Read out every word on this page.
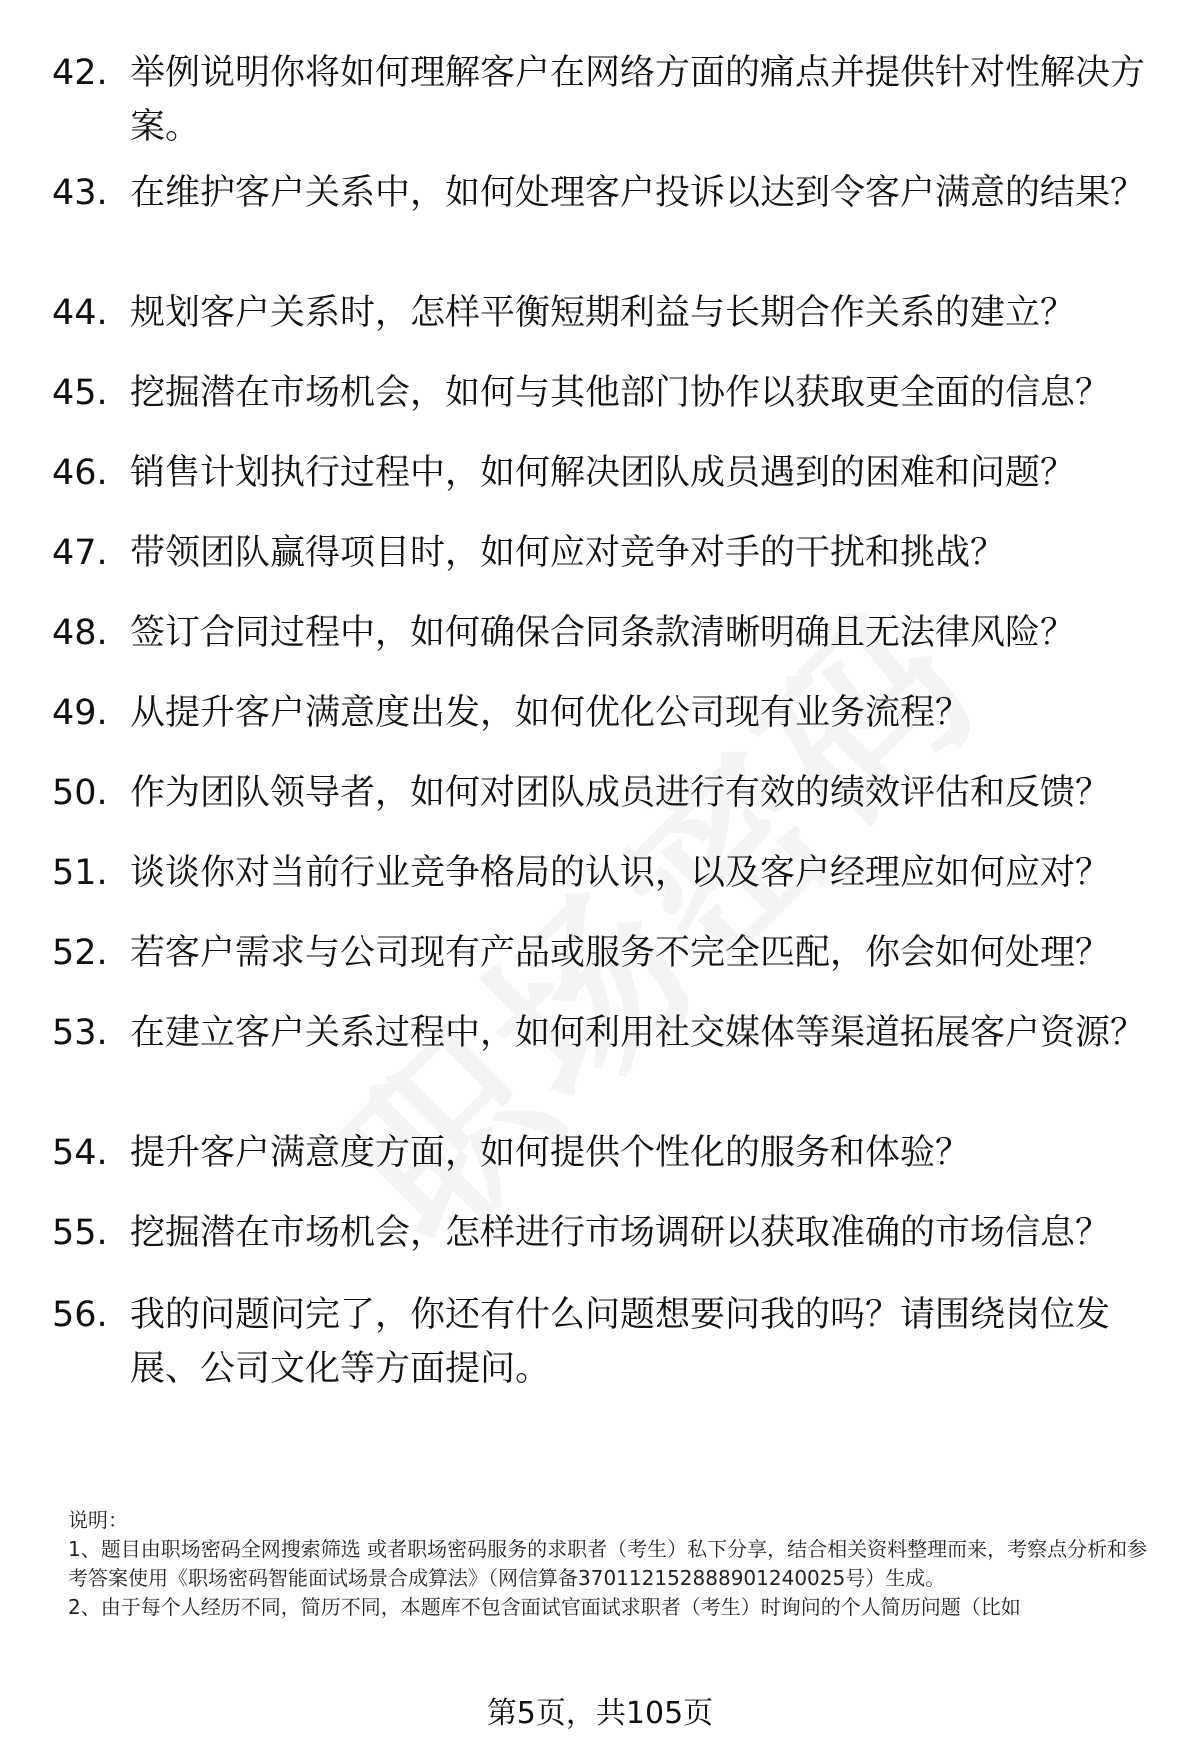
42. 举例说明你将如何理解客户在网络方面的痛点并提供针对性解决方案。
43. 在维护客户关系中，如何处理客户投诉以达到令客户满意的结果？
44. 规划客户关系时，怎样平衡短期利益与长期合作关系的建立？
45. 挖掘潜在市场机会，如何与其他部门协作以获取更全面的信息？
46. 销售计划执行过程中，如何解决团队成员遇到的困难和问题？
47. 带领团队赢得项目时，如何应对竞争对手的干扰和挑战？
48. 签订合同过程中，如何确保合同条款清晰明确且无法律风险？
49. 从提升客户满意度出发，如何优化公司现有业务流程？
50. 作为团队领导者，如何对团队成员进行有效的绩效评估和反馈？
51. 谈谈你对当前行业竞争格局的认识，以及客户经理应如何应对？
52. 若客户需求与公司现有产品或服务不完全匹配，你会如何处理？
53. 在建立客户关系过程中，如何利用社交媒体等渠道拓展客户资源？
54. 提升客户满意度方面，如何提供个性化的服务和体验？
55. 挖掘潜在市场机会，怎样进行市场调研以获取准确的市场信息？
56. 我的问题问完了，你还有什么问题想要问我的吗？请围绕岗位发展、公司文化等方面提问。

说明：

1、题目由职场密码全网搜索筛选 或者职场密码服务的求职者（考生）私下分享，结合相关资料整理而来，考察点分析和参考答案使用《职场密码智能面试场景合成算法》（网信算备370112152888901240025号）生成。

2、由于每个人经历不同，简历不同，本题库不包含面试官面试求职者（考生）时询问的个人简历问题（比如

第5页，共105页
